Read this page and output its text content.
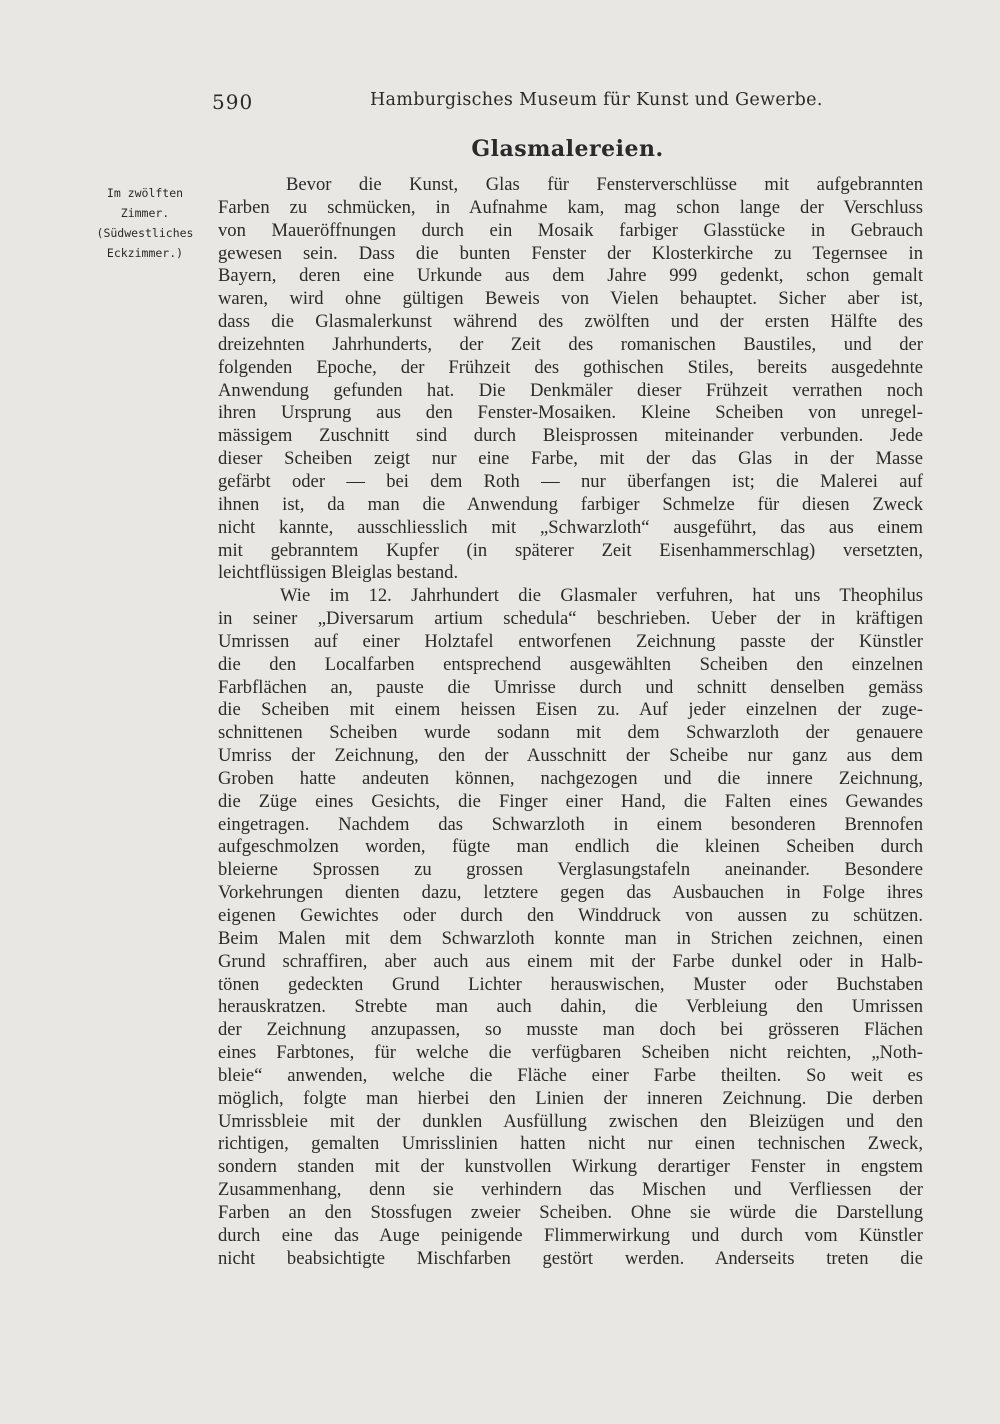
590	Hamburgisches Museum für Kunst und Gewerbe.
Glasmalereien.
Im zwölften
Zimmer.
(Südwestliches
Eckzimmer.)
Bevor die Kunst, Glas für Fensterverschlüsse mit aufgebrannten
Farben zu schmücken, in Aufnahme kam, mag schon lange der Verschluss
von Maueröffnungen durch ein Mosaik farbiger Glasstücke in Gebrauch
gewesen sein. Dass die bunten Fenster der Klosterkirche zu Tegernsee in
Bayern, deren eine Urkunde aus dem Jahre 999 gedenkt, schon gemalt
waren, wird ohne gültigen Beweis von Vielen behauptet. Sicher aber ist,
dass die Glasmalerkunst während des zwölften und der ersten Hälfte des
dreizehnten Jahrhunderts, der Zeit des romanischen Baustiles, und der
folgenden Epoche, der Frühzeit des gothischen Stiles, bereits ausgedehnte
Anwendung gefunden hat. Die Denkmäler dieser Frühzeit verrathen noch
ihren Ursprung aus den Fenster-Mosaiken. Kleine Scheiben von unregel-
mässigem Zuschnitt sind durch Bleisprossen miteinander verbunden. Jede
dieser Scheiben zeigt nur eine Farbe, mit der das Glas in der Masse
gefärbt oder — bei dem Roth — nur überfangen ist; die Malerei auf
ihnen ist, da man die Anwendung farbiger Schmelze für diesen Zweck
nicht kannte, ausschliesslich mit „Schwarzloth“ ausgeführt, das aus einem
mit gebranntem Kupfer (in späterer Zeit Eisenhammerschlag) versetzten,
leichtflüssigen Bleiglas bestand.
Wie im 12. Jahrhundert die Glasmaler verfuhren, hat uns Theophilus
in seiner „Diversarum artium schedula“ beschrieben. Ueber der in kräftigen
Umrissen auf einer Holztafel entworfenen Zeichnung passte der Künstler
die den Localfarben entsprechend ausgewählten Scheiben den einzelnen
Farbflächen an, pauste die Umrisse durch und schnitt denselben gemäss
die Scheiben mit einem heissen Eisen zu. Auf jeder einzelnen der zuge-
schnittenen Scheiben wurde sodann mit dem Schwarzloth der genauere
Umriss der Zeichnung, den der Ausschnitt der Scheibe nur ganz aus dem
Groben hatte andeuten können, nachgezogen und die innere Zeichnung,
die Züge eines Gesichts, die Finger einer Hand, die Falten eines Gewandes
eingetragen. Nachdem das Schwarzloth in einem besonderen Brennofen
aufgeschmolzen worden, fügte man endlich die kleinen Scheiben durch
bleierne Sprossen zu grossen Verglasungstafeln aneinander. Besondere
Vorkehrungen dienten dazu, letztere gegen das Ausbauchen in Folge ihres
eigenen Gewichtes oder durch den Winddruck von aussen zu schützen.
Beim Malen mit dem Schwarzloth konnte man in Strichen zeichnen, einen
Grund schraffiren, aber auch aus einem mit der Farbe dunkel oder in Halb-
tönen gedeckten Grund Lichter herauswischen, Muster oder Buchstaben
herauskratzen. Strebte man auch dahin, die Verbleiung den Umrissen
der Zeichnung anzupassen, so musste man doch bei grösseren Flächen
eines Farbtones, für welche die verfügbaren Scheiben nicht reichten, „Noth-
bleie“ anwenden, welche die Fläche einer Farbe theilten. So weit es
möglich, folgte man hierbei den Linien der inneren Zeichnung. Die derben
Umrissbleie mit der dunklen Ausfüllung zwischen den Bleizügen und den
richtigen, gemalten Umrisslinien hatten nicht nur einen technischen Zweck,
sondern standen mit der kunstvollen Wirkung derartiger Fenster in engstem
Zusammenhang, denn sie verhindern das Mischen und Verfliessen der
Farben an den Stossfugen zweier Scheiben. Ohne sie würde die Darstellung
durch eine das Auge peinigende Flimmerwirkung und durch vom Künstler
nicht beabsichtigte Mischfarben gestört werden. Anderseits treten die
